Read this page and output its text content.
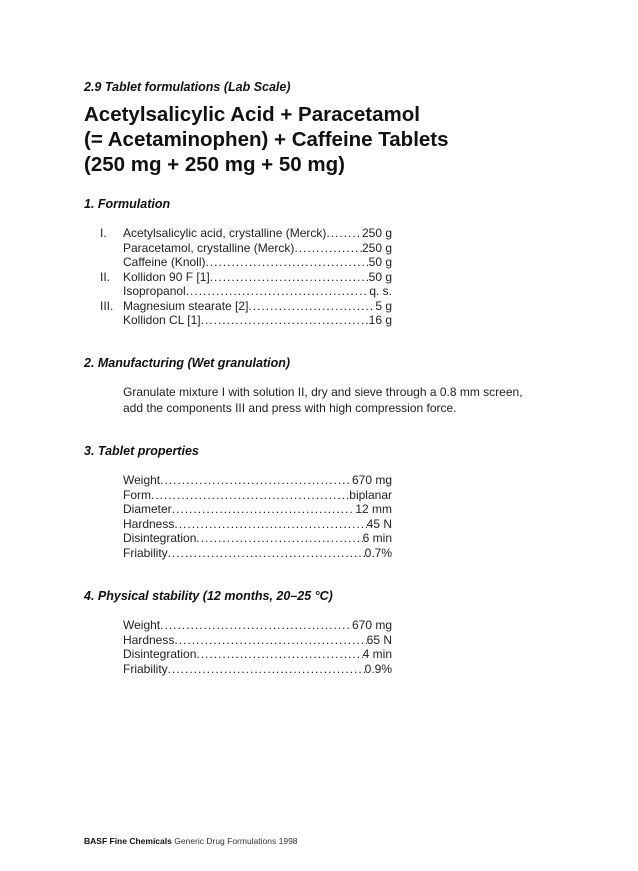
2.9 Tablet formulations (Lab Scale)
Acetylsalicylic Acid + Paracetamol
(= Acetaminophen) + Caffeine Tablets
(250 mg + 250 mg + 50 mg)
1. Formulation
I.	Acetylsalicylic acid, crystalline (Merck) .....	250 g
Paracetamol, crystalline (Merck) .....	250 g
Caffeine (Knoll) .....	50 g
II.	Kollidon 90 F [1] .....	50 g
Isopropanol .....	q. s.
III. Magnesium stearate [2] .....	5 g
Kollidon CL [1] .....	16 g
2. Manufacturing (Wet granulation)

Granulate mixture I with solution II, dry and sieve through a 0.8 mm screen, add the components III and press with high compression force.

3. Tablet properties
Weight .....	670 mg
Form .....	biplanar
Diameter .....	12 mm
Hardness .....	45 N
Disintegration .....	6 min
Friability .....	0.7%
4. Physical stability (12 months, 20–25 °C)
Weight .....	670 mg
Hardness .....	65 N
Disintegration .....	4 min
Friability .....	0.9%
BASF Fine Chemicals Generic Drug Formulations 1998
